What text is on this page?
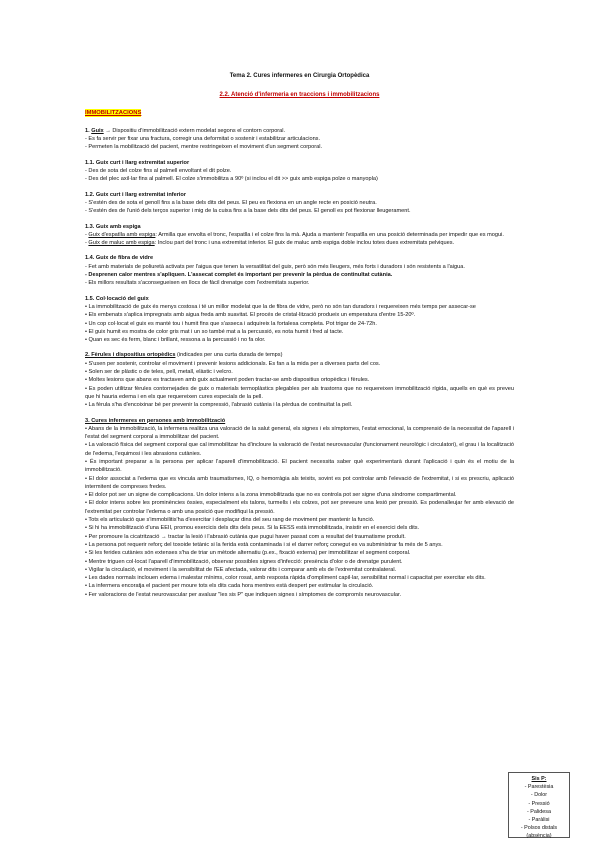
Tema 2. Cures infermeres en Cirurgia Ortopèdica
2.2. Atenció d'infermeria en traccions i immobilitzacions
IMMOBILITZACIONS
1. Guix → Dispositiu d'immobilització extern modelat segons el contorn corporal.
- Es fa servir per fixar una fractura, corregir una deformitat o sostenir i estabilitzar articulacions.
- Permeten la mobilització del pacient, mentre restringeixen el moviment d'un segment corporal.
1.1. Guix curt i llarg extremitat superior
- Des de sota del colze fins al palmell envoltant el dit polze.
- Des del plec axil·lar fins al palmell. El colze s'immobilitza a 90º (si inclou el dit >> guix amb espiga polze o manyopla)
1.2. Guix curt i llarg extremitat inferior
- S'estén des de sota el genoll fins a la base dels dits del peus. El peu es flexiona en un angle recte en posició neutra.
- S'estén des de l'unió dels terços superior i mig de la cuixa fins a la base dels dits del peus. El genoll es pot flexionar lleugerament.
1.3. Guix amb espiga
- Guix d'espatlla amb espiga: Armilla que envolta el tronc, l'espatlla i el colze fins la mà. Ajuda a mantenir l'espatlla en una posició determinada per impedir que es mogui.
- Guix de maluc amb espiga: Inclou part del tronc i una extremitat inferior. El guix de maluc amb espiga doble inclou totes dues extremitats pelviques.
1.4. Guix de fibra de vidre
- Fet amb materials de poliuretà activats per l'aigua que tenen la versatilitat del guix, però són més lleugers, més forts i duradors i són resistents a l'aigua.
- Desprenen calor mentres s'apliquen. L'assecat complet és important per prevenir la pèrdua de continuïtat cutània.
- Els millors resultats s'aconsegueixen en llocs de fàcil drenatge com l'extremitats superior.
1.5. Col·locació del guix
• La immobilització de guix és menys costosa i té un millor modelat que la de fibra de vidre, però no són tan duradors i requereixen més temps per assecar-se
• Els embenats s'aplica impregnats amb aigua freda amb suavitat. El procés de cristal·lització produeix un emperatura d'entre 15-20º.
• Un cop col·locat el guix es manté tou i humit fins que s'asseca i adquireix la fortalesa completa. Pot trigar de 24-72h.
• El guix humit es mostra de color gris mat i un so també mat a la percussió, es nota humit i fred al tacte.
• Quan es sec és ferm, blanc i brillant, ressona a la percussió i no fa olor.
2. Fèrules i dispositius ortopèdics (indicades per una curta durada de temps)
• S'usen per sostenir, controlar el moviment i prevenir lesions addicionals. Es fan a la mida per a diverses parts del cos.
• Solen ser de plàstic o de teles, pell, metall, elàstic i velcro.
• Moltes lesions que abans es tractaven amb guix actualment poden tractar-se amb dispositius ortopèdics i fèrules.
• Es poden utilitzar fèrules contornejades de guix o materials termoplàstics plegables per als trastorns que no requereixen immobilització rígida, aquells en què es preveu que hi hauria edema i en els que requereixen cures especials de la pell.
• La fèrula s'ha d'encoixinar bé per prevenir la compressió, l'abrasió cutània i la pèrdua de continuïtat la pell.
3. Cures infermeres en persones amb immobilització
• Abans de la immobilització, la infermera realitza una valoració de la salut general, els signes i els símptomes, l'estat emocional, la comprensió de la necessitat de l'aparell i l'estat del segment corporal a immobilitzar del pacient.
• La valoració física del segment corporal que cal immobilitzar ha d'incloure la valoració de l'estat neurovascular (funcionament neurològic i circulatori), el grau i la localització de l'edema, l'equimosi i les abrasions cutànies.
• És important preparar a la persona per aplicar l'aparell d'immobilització. El pacient necessita saber què experimentarà durant l'aplicació i quin és el motiu de la immobilització.
• El dolor associat a l'edema que es vincula amb traumatismes, IQ, o hemorràgia als teixits, sovint es pot controlar amb l'elevació de l'extremitat, i si es prescriu, aplicació intermitent de compreses fredes.
• El dolor pot ser un signe de complicacions. Un dolor intens a la zona immobilitzada que no es controla pot ser signe d'una síndrome compartimental.
• El dolor intens sobre les prominències òssies, especialment els talons, turmells i els colzes, pot ser preveure una lesió per pressió. Es podenalleujar fer amb elevació de l'extremitat per controlar l'edema o amb una posició que modifiqui la pressió.
• Tots els articulació que s'immobilitis'ha d'exercitar i desplaçar dins del seu rang de moviment per mantenir la funció.
• Si hi ha immobilització d'una EEII, promou exercicis dels dits dels peus. Si la EESS està immobilitzada, insistir en el exercici dels dits.
• Per promoure la cicatrització → tractar la lesió i l'abrasió cutània que pugui haver passat com a resultat del traumatisme produït.
• La persona pot requerir reforç del toxoide tetànic si la ferida està contaminada i si el darrer reforç conegut es va subministrar fa més de 5 anys.
• Si les ferides cutànies són extenses s'ha de triar un mètode alternatiu (p.ex., fixació externa) per immobilitzar el segment corporal.
• Mentre triguen col·locat l'aparell d'immobilització, observar possibles signes d'infecció: presència d'olor o de drenatge purulent.
• Vigilar la circulació, el moviment i la sensibilitat de l'EE afectada, valorar dits i comparar amb els de l'extremitat contralateral.
• Les dades normals inclouen edema i malestar mínims, color rosat, amb resposta ràpida d'ompliment capil·lar, sensibilitat normal i capacitat per exercitar els dits.
• La infermera encoratja el pacient per moure tots els dits cada hora mentres està despert per estimular la circulació.
• Fer valoracions de l'estat neurovascular per avaluar "les sis P" que indiquen signes i símptomes de compromís neurovascular.
Sis P:
- Parestèsia
- Dolor
- Pressió
- Palidesa
- Paràlisi
- Polsos distals
(absència)
